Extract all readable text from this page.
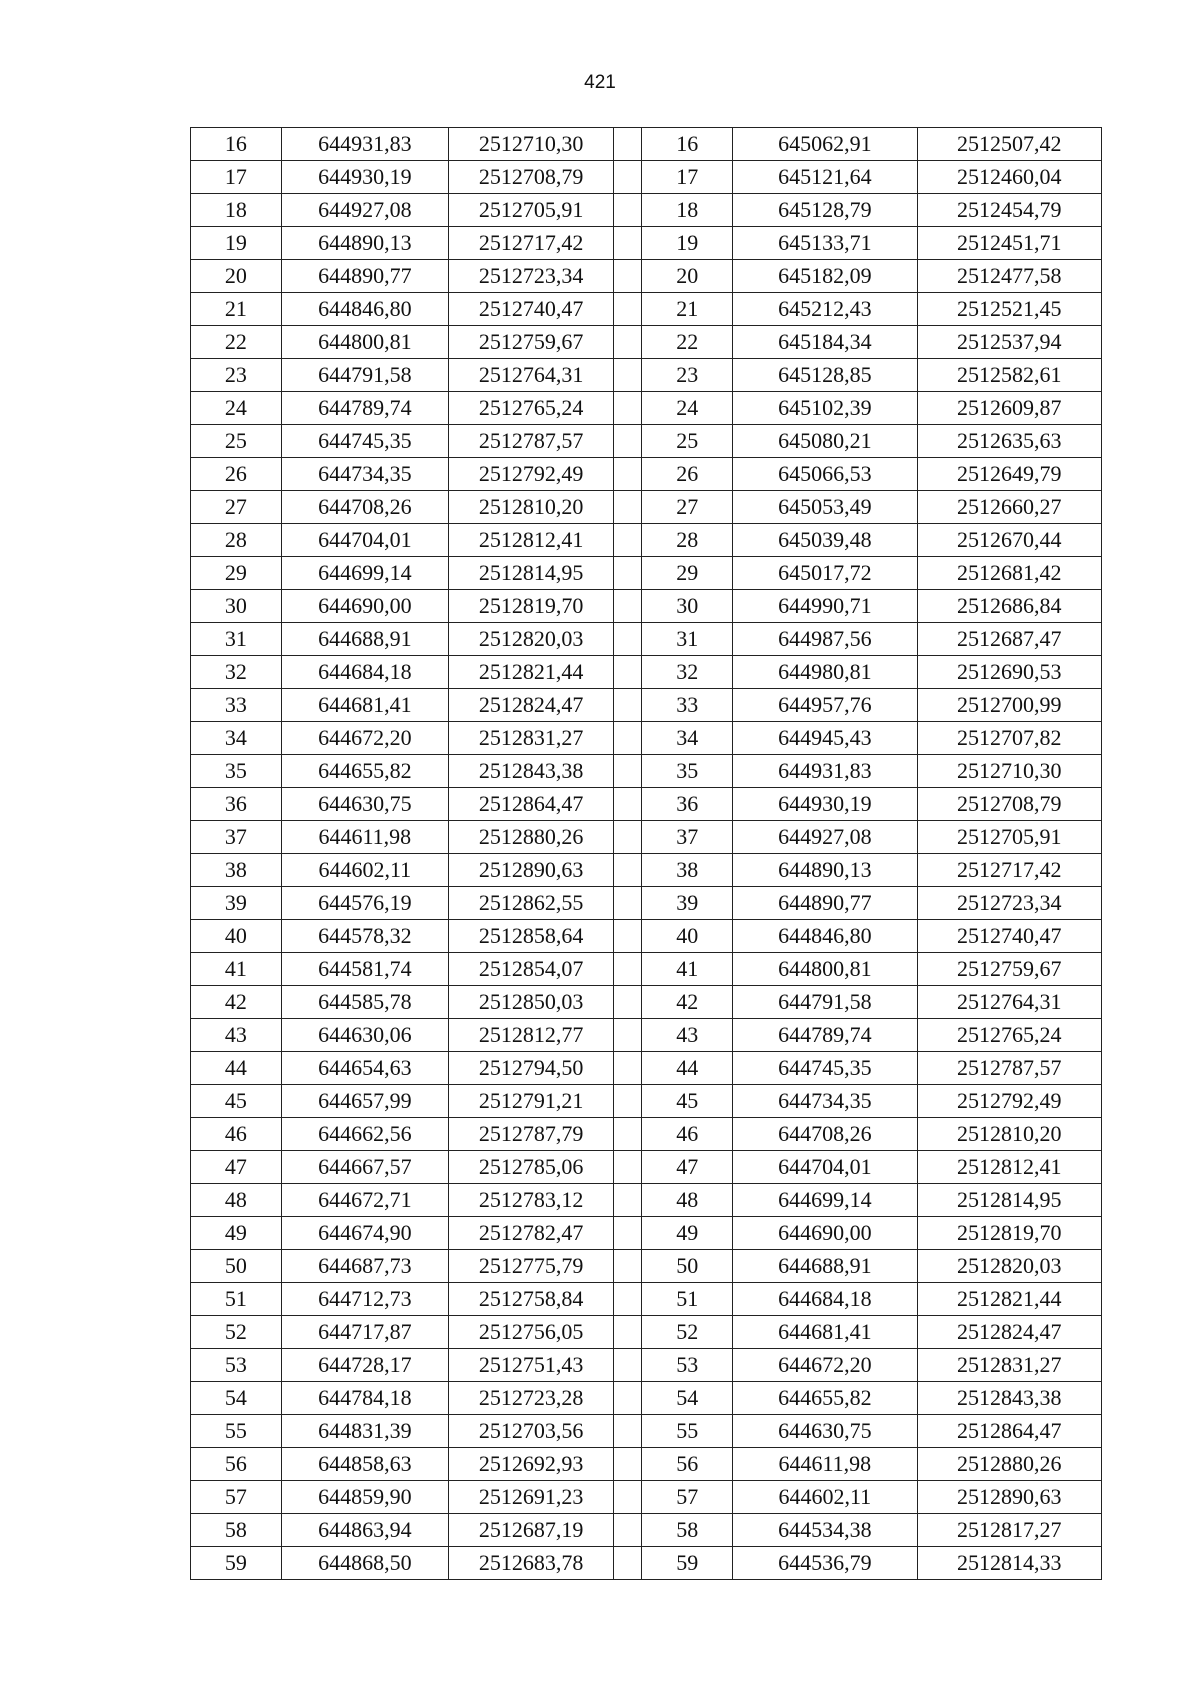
421
16	644931,83	2512710,30		16	645062,91	2512507,42
17	644930,19	2512708,79		17	645121,64	2512460,04
18	644927,08	2512705,91		18	645128,79	2512454,79
19	644890,13	2512717,42		19	645133,71	2512451,71
20	644890,77	2512723,34		20	645182,09	2512477,58
21	644846,80	2512740,47		21	645212,43	2512521,45
22	644800,81	2512759,67		22	645184,34	2512537,94
23	644791,58	2512764,31		23	645128,85	2512582,61
24	644789,74	2512765,24		24	645102,39	2512609,87
25	644745,35	2512787,57		25	645080,21	2512635,63
26	644734,35	2512792,49		26	645066,53	2512649,79
27	644708,26	2512810,20		27	645053,49	2512660,27
28	644704,01	2512812,41		28	645039,48	2512670,44
29	644699,14	2512814,95		29	645017,72	2512681,42
30	644690,00	2512819,70		30	644990,71	2512686,84
31	644688,91	2512820,03		31	644987,56	2512687,47
32	644684,18	2512821,44		32	644980,81	2512690,53
33	644681,41	2512824,47		33	644957,76	2512700,99
34	644672,20	2512831,27		34	644945,43	2512707,82
35	644655,82	2512843,38		35	644931,83	2512710,30
36	644630,75	2512864,47		36	644930,19	2512708,79
37	644611,98	2512880,26		37	644927,08	2512705,91
38	644602,11	2512890,63		38	644890,13	2512717,42
39	644576,19	2512862,55		39	644890,77	2512723,34
40	644578,32	2512858,64		40	644846,80	2512740,47
41	644581,74	2512854,07		41	644800,81	2512759,67
42	644585,78	2512850,03		42	644791,58	2512764,31
43	644630,06	2512812,77		43	644789,74	2512765,24
44	644654,63	2512794,50		44	644745,35	2512787,57
45	644657,99	2512791,21		45	644734,35	2512792,49
46	644662,56	2512787,79		46	644708,26	2512810,20
47	644667,57	2512785,06		47	644704,01	2512812,41
48	644672,71	2512783,12		48	644699,14	2512814,95
49	644674,90	2512782,47		49	644690,00	2512819,70
50	644687,73	2512775,79		50	644688,91	2512820,03
51	644712,73	2512758,84		51	644684,18	2512821,44
52	644717,87	2512756,05		52	644681,41	2512824,47
53	644728,17	2512751,43		53	644672,20	2512831,27
54	644784,18	2512723,28		54	644655,82	2512843,38
55	644831,39	2512703,56		55	644630,75	2512864,47
56	644858,63	2512692,93		56	644611,98	2512880,26
57	644859,90	2512691,23		57	644602,11	2512890,63
58	644863,94	2512687,19		58	644534,38	2512817,27
59	644868,50	2512683,78		59	644536,79	2512814,33
